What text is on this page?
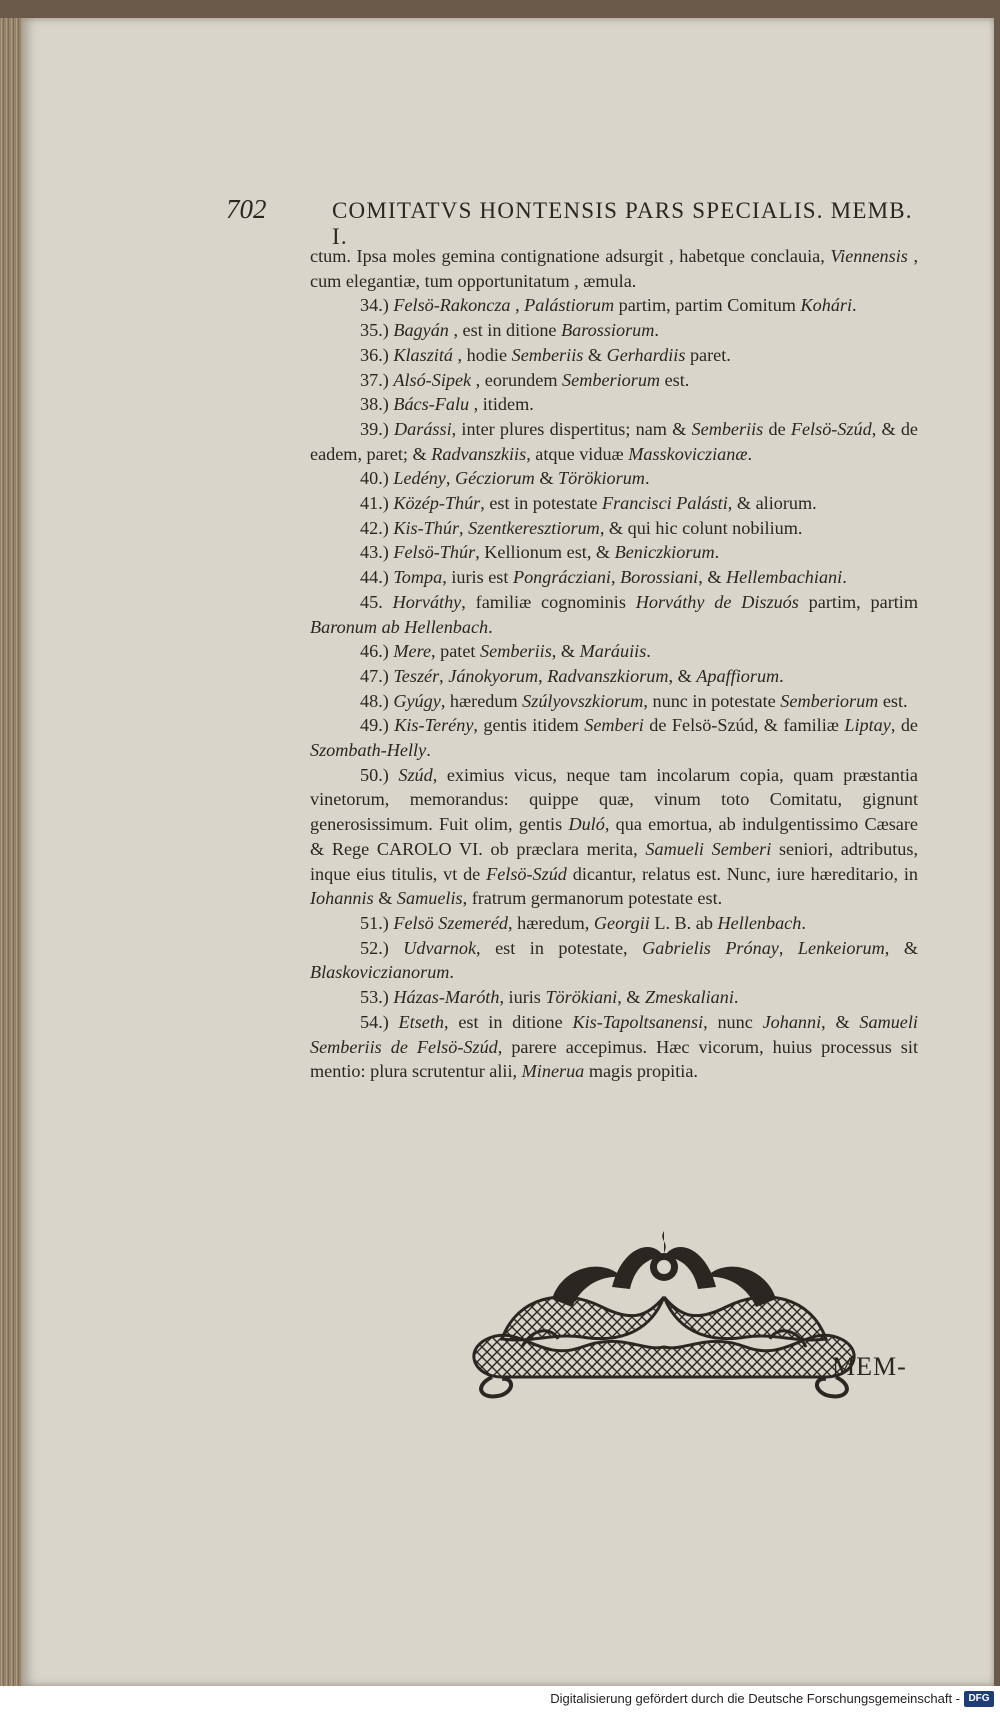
702	COMITATVS HONTENSIS PARS SPECIALIS. MEMB. I.

ctum. Ipsa moles gemina contignatione adsurgit , habetque conclauia, Viennensis , cum elegantiæ, tum opportunitatum , æmula.

34.) Felsö-Rakoncza , Palástiorum partim, partim Comitum Kohári.

35.) Bagyán , est in ditione Barossiorum.

36.) Klaszitá , hodie Semberiis & Gerhardiis paret.

37.) Alsó-Sipek , eorundem Semberiorum est.

38.) Bács-Falu , itidem.

39.) Darássi, inter plures dispertitus; nam & Semberiis de Felsö-Szúd, & de eadem, paret; & Radvanszkiis, atque viduæ Masskoviczianæ.

40.) Ledény, Gécziorum & Törökiorum.

41.) Közép-Thúr, est in potestate Francisci Palásti, & aliorum.

42.) Kis-Thúr, Szentkeresztiorum, & qui hic colunt nobilium.

43.) Felsö-Thúr, Kellionum est, & Beniczkiorum.

44.) Tompa, iuris est Pongrácziani, Borossiani, & Hellembachiani.

45. Horváthy, familiæ cognominis Horváthy de Diszuós partim, partim Baronum ab Hellenbach.

46.) Mere, patet Semberiis, & Maráuiis.

47.) Teszér, Jánokyorum, Radvanszkiorum, & Apaffiorum.

48.) Gyúgy, hæredum Szúlyovszkiorum, nunc in potestate Semberiorum est.

49.) Kis-Terény, gentis itidem Semberi de Felsö-Szúd, & familiæ Liptay, de Szombath-Helly.

50.) Szúd, eximius vicus, neque tam incolarum copia, quam præstantia vinetorum, memorandus: quippe quæ, vinum toto Comitatu, gignunt generosissimum. Fuit olim, gentis Duló, qua emortua, ab indulgentissimo Cæsare & Rege CAROLO VI. ob præclara merita, Samueli Semberi seniori, adtributus, inque eius titulis, vt de Felsö-Szúd dicantur, relatus est. Nunc, iure hæreditario, in Iohannis & Samuelis, fratrum germanorum potestate est.

51.) Felsö Szemeréd, hæredum, Georgii L. B. ab Hellenbach.

52.) Udvarnok, est in potestate, Gabrielis Prónay, Lenkeiorum, & Blaskoviczianorum.

53.) Házas-Maróth, iuris Törökiani, & Zmeskaliani.

54.) Etseth, est in ditione Kis-Tapoltsanensi, nunc Johanni, & Samueli Semberiis de Felsö-Szúd, parere accepimus. Hæc vicorum, huius processus sit mentio: plura scrutentur alii, Minerua magis propitia.

MEM-
Digitalisierung gefördert durch die Deutsche Forschungsgemeinschaft - DFG
